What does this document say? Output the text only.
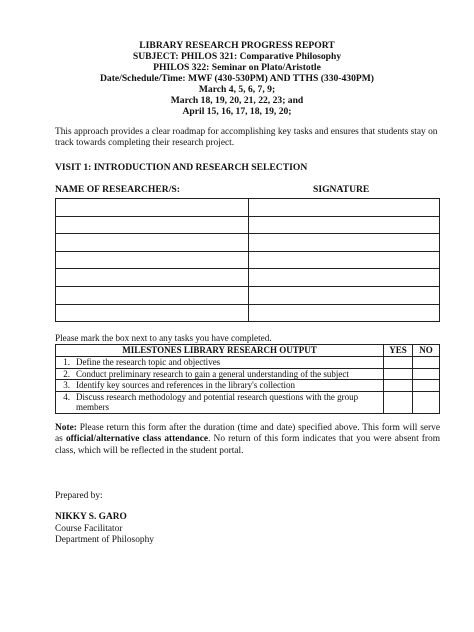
LIBRARY RESEARCH PROGRESS REPORT
SUBJECT: PHILOS 321: Comparative Philosophy
PHILOS 322: Seminar on Plato/Aristotle
Date/Schedule/Time: MWF (430-530PM) AND TTHS (330-430PM)
March 4, 5, 6, 7, 9;
March 18, 19, 20, 21, 22, 23; and
April 15, 16, 17, 18, 19, 20;
This approach provides a clear roadmap for accomplishing key tasks and ensures that students stay on track towards completing their research project.
VISIT 1: INTRODUCTION AND RESEARCH SELECTION
NAME OF RESEARCHER/S:	SIGNATURE

Please mark the box next to any tasks you have completed.
MILESTONES LIBRARY RESEARCH OUTPUT		YES	NO
1.	Define the research topic and objectives		
2.	Conduct preliminary research to gain a general understanding of the subject		
3.	Identify key sources and references in the library's collection		
4.	Discuss research methodology and potential research questions with the group members		
Note: Please return this form after the duration (time and date) specified above. This form will serve as official/alternative class attendance. No return of this form indicates that you were absent from class, which will be reflected in the student portal.
Prepared by:
NIKKY S. GARO
Course Facilitator
Department of Philosophy
